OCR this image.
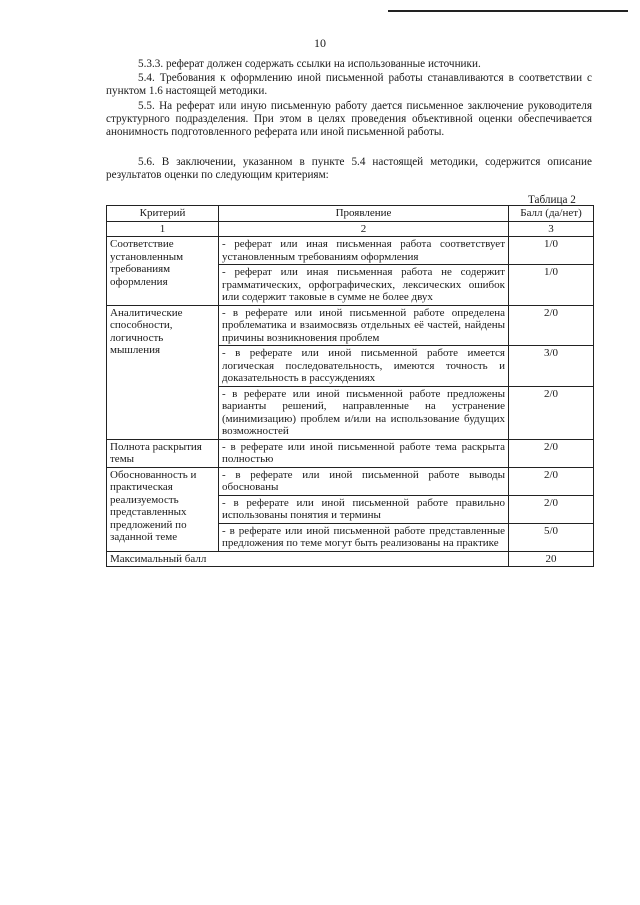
10
5.3.3. реферат должен содержать ссылки на использованные источники.
5.4. Требования к оформлению иной письменной работы станавливаются в соответствии с пунктом 1.6 настоящей методики.
5.5. На реферат или иную письменную работу дается письменное заключение руководителя структурного подразделения. При этом в целях проведения объективной оценки обеспечивается анонимность подготовленного реферата или иной письменной работы.
5.6. В заключении, указанном в пункте 5.4 настоящей методики, содержится описание результатов оценки по следующим критериям:
Таблица 2
Критерий	Проявление	Балл (да/нет)
1	2	3
Соответствие установленным требованиям оформления	- реферат или иная письменная работа соответствует установленным требованиям оформления	1/0
	- реферат или иная письменная работа не содержит грамматических, орфографических, лексических ошибок или содержит таковые в сумме не более двух	1/0
Аналитические способности, логичность мышления	- в реферате или иной письменной работе определена проблематика и взаимосвязь отдельных её частей, найдены причины возникновения проблем	2/0
	- в реферате или иной письменной работе имеется логическая последовательность, имеются точность и доказательность в рассуждениях	3/0
	- в реферате или иной письменной работе предложены варианты решений, направленные на устранение (минимизацию) проблем и/или на использование будущих возможностей	2/0
Полнота раскрытия темы	- в реферате или иной письменной работе тема раскрыта полностью	2/0
Обоснованность и практическая реализуемость представленных предложений по заданной теме	- в реферате или иной письменной работе выводы обоснованы	2/0
	- в реферате или иной письменной работе правильно использованы понятия и термины	2/0
	- в реферате или иной письменной работе представленные предложения по теме могут быть реализованы на практике	5/0
Максимальный балл		20
